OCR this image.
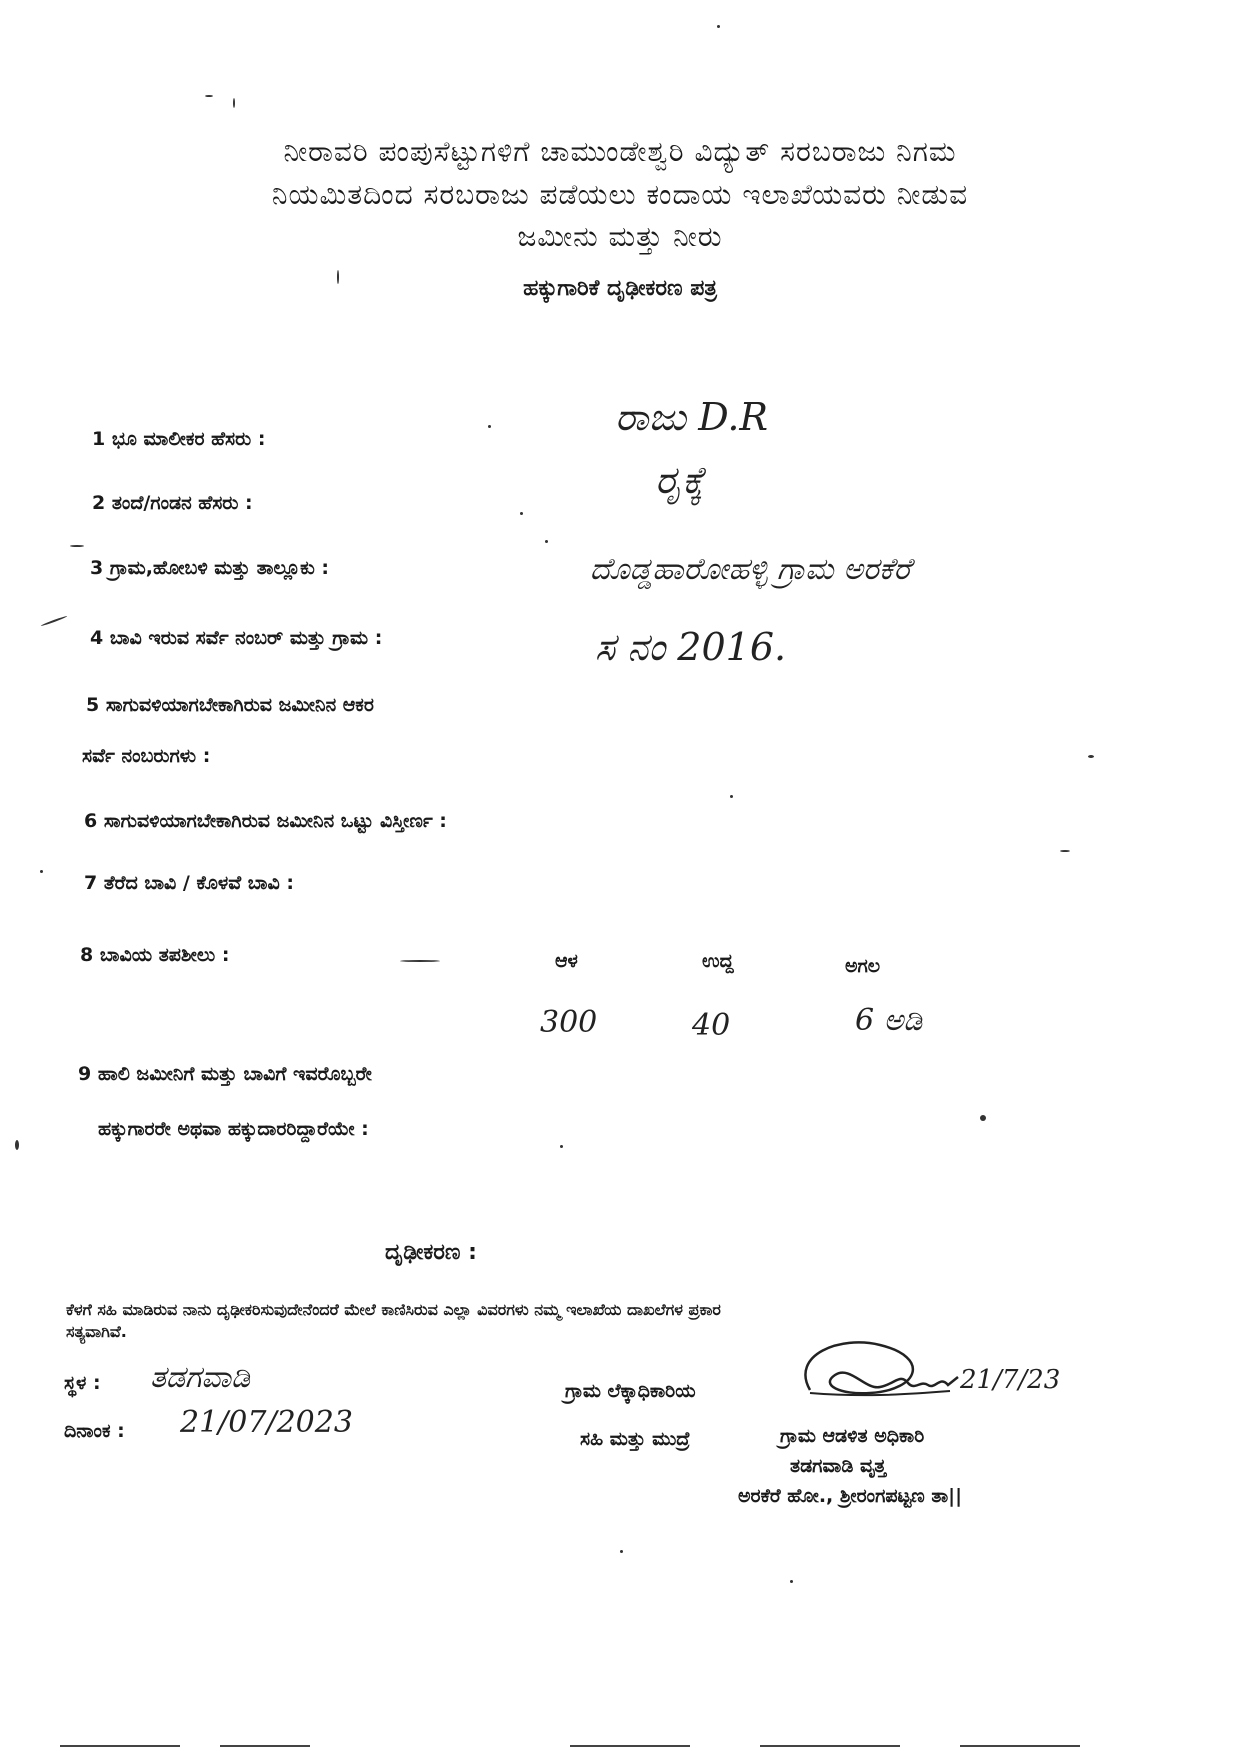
ನೀರಾವರಿ ಪಂಪುಸೆಟ್ಟುಗಳಿಗೆ ಚಾಮುಂಡೇಶ್ವರಿ ವಿದ್ಯುತ್ ಸರಬರಾಜು ನಿಗಮ
ನಿಯಮಿತದಿಂದ ಸರಬರಾಜು ಪಡೆಯಲು ಕಂದಾಯ ಇಲಾಖೆಯವರು ನೀಡುವ
ಜಮೀನು ಮತ್ತು ನೀರು
ಹಕ್ಕುಗಾರಿಕೆ ದೃಢೀಕರಣ ಪತ್ರ
1 ಭೂ ಮಾಲೀಕರ ಹೆಸರು :	ರಾಜು D.R
2 ತಂದೆ/ಗಂಡನ ಹೆಸರು :
ರೃಕ್ಕೆ
3 ಗ್ರಾಮ,ಹೋಬಳಿ ಮತ್ತು ತಾಲ್ಲೂಕು :	ದೊಡ್ಡಹಾರೋಹಳ್ಳಿ ಗ್ರಾಮ ಅರಕೆರೆ
4 ಬಾವಿ ಇರುವ ಸರ್ವೆ ನಂಬರ್ ಮತ್ತು ಗ್ರಾಮ :	ಸ ನಂ 2016.
5 ಸಾಗುವಳಿಯಾಗಬೇಕಾಗಿರುವ ಜಮೀನಿನ ಆಕರ
ಸರ್ವೆ ನಂಬರುಗಳು :
6 ಸಾಗುವಳಿಯಾಗಬೇಕಾಗಿರುವ ಜಮೀನಿನ ಒಟ್ಟು ವಿಸ್ತೀರ್ಣ :
7 ತೆರೆದ ಬಾವಿ / ಕೊಳವೆ ಬಾವಿ :
8 ಬಾವಿಯ ತಪಶೀಲು :	ಆಳ	ಉದ್ದ	ಅಗಲ
300	40	6 ಅಡಿ
9 ಹಾಲಿ ಜಮೀನಿಗೆ ಮತ್ತು ಬಾವಿಗೆ ಇವರೊಬ್ಬರೇ
ಹಕ್ಕುಗಾರರೇ ಅಥವಾ ಹಕ್ಕುದಾರರಿದ್ದಾರೆಯೇ :
ದೃಢೀಕರಣ :
ಕೆಳಗೆ ಸಹಿ ಮಾಡಿರುವ ನಾನು ದೃಢೀಕರಿಸುವುದೇನೆಂದರೆ ಮೇಲೆ ಕಾಣಿಸಿರುವ ಎಲ್ಲಾ ವಿವರಗಳು ನಮ್ಮ ಇಲಾಖೆಯ ದಾಖಲೆಗಳ ಪ್ರಕಾರ
ಸತ್ಯವಾಗಿವೆ.
ಸ್ಥಳ : ತಡಗವಾಡಿ
ದಿನಾಂಕ : 21/07/2023
ಗ್ರಾಮ ಲೆಕ್ಕಾಧಿಕಾರಿಯ
ಸಹಿ ಮತ್ತು ಮುದ್ರೆ
21/7/23
ಗ್ರಾಮ ಆಡಳಿತ ಅಧಿಕಾರಿ
ತಡಗವಾಡಿ ವೃತ್ತ
ಅರಕೆರೆ ಹೋ., ಶ್ರೀರಂಗಪಟ್ಟಣ ತಾ||
